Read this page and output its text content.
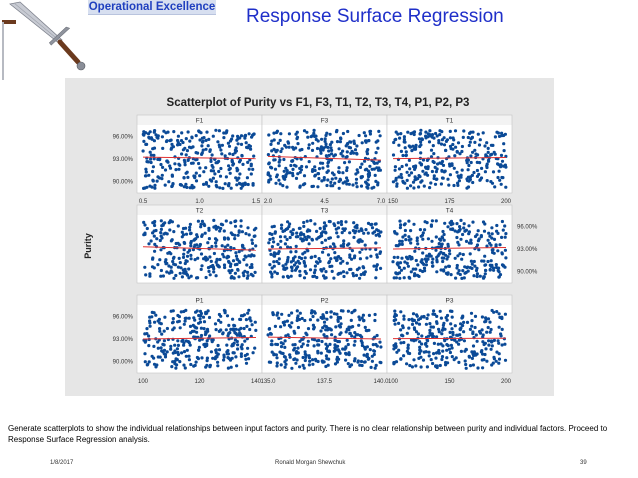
Operational Excellence Response Surface Regression
Scatterplot of Purity vs F1, F3, T1, T2, T3, T4, P1, P2, P3
Purity
F1
0.5	1.0	1.5
90.00%
93.00%
96.00%
F3
2.0	4.5	7.0
T1
150	175	200
T2	T3	T4
90.00%
93.00%
96.00%
P1
100	120	140
90.00%
93.00%
96.00%
P2
135.0	137.5	140.0
P3
100	150	200
Generate scatterplots to show the individual relationships between input factors and purity. There is no clear relationship between purity and individual factors. Proceed to Response Surface Regression analysis.
1/8/2017	Ronald Morgan Shewchuk	39
